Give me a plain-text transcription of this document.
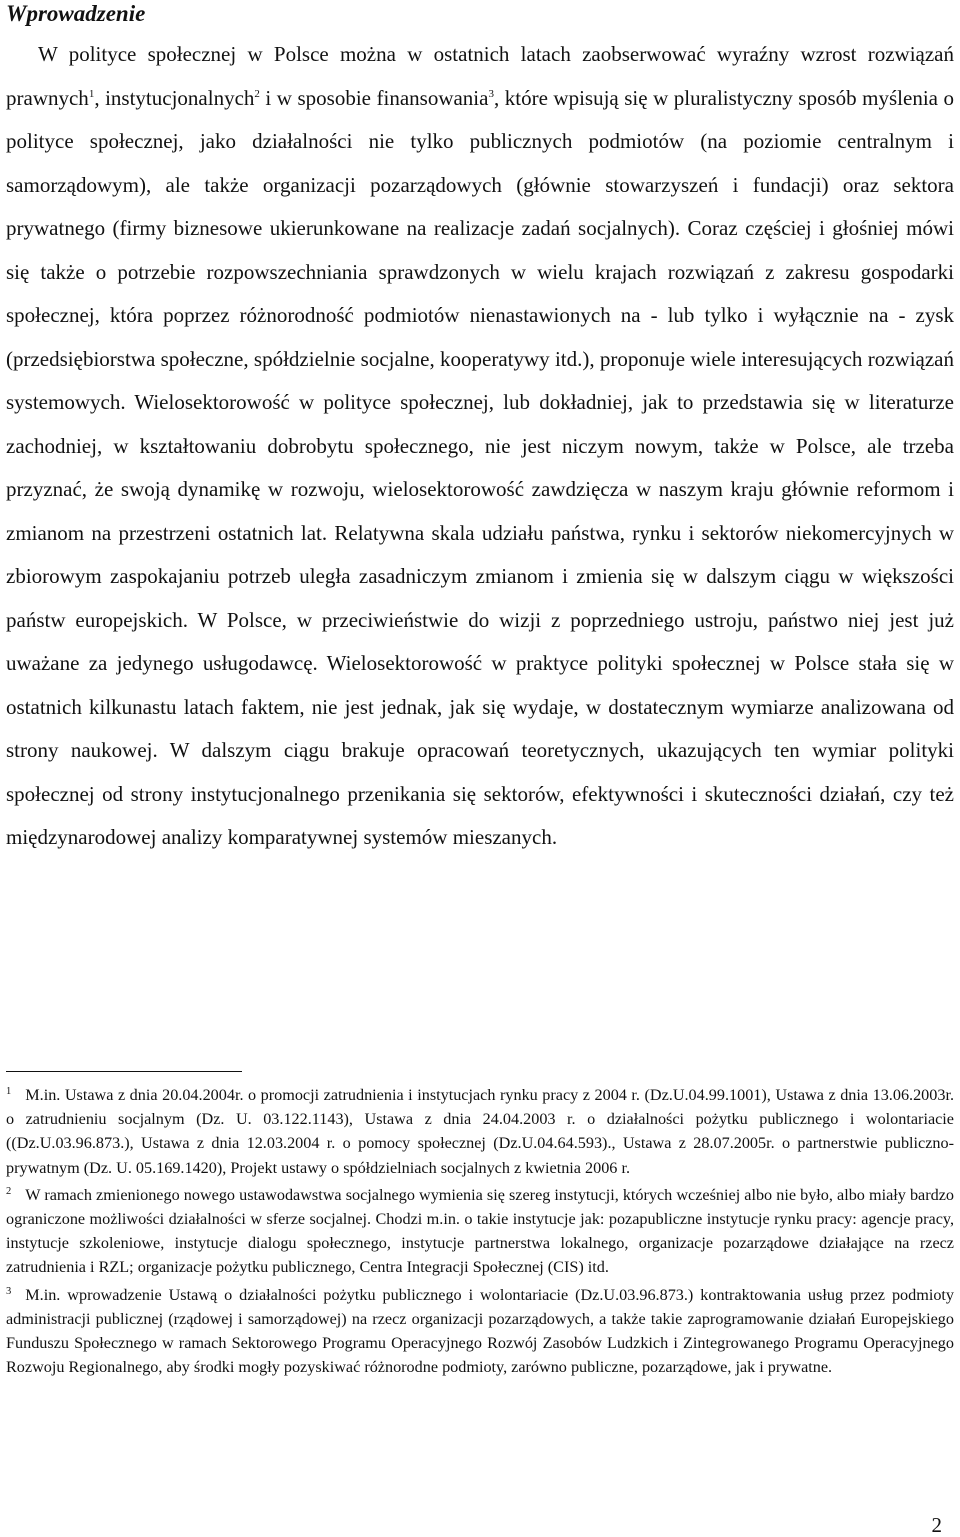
Wprowadzenie

W polityce społecznej w Polsce można w ostatnich latach zaobserwować wyraźny wzrost rozwiązań prawnych$^1$, instytucjonalnych$^2$ i w sposobie finansowania$^3$, które wpisują się w pluralistyczny sposób myślenia o polityce społecznej, jako działalności nie tylko publicznych podmiotów (na poziomie centralnym i samorządowym), ale także organizacji pozarządowych (głównie stowarzyszeń i fundacji) oraz sektora prywatnego (firmy biznesowe ukierunkowane na realizacje zadań socjalnych). Coraz częściej i głośniej mówi się także o potrzebie rozpowszechniania sprawdzonych w wielu krajach rozwiązań z zakresu gospodarki społecznej, która poprzez różnorodność podmiotów nienastawionych na - lub tylko i wyłącznie na - zysk (przedsiębiorstwa społeczne, spółdzielnie socjalne, kooperatywy itd.), proponuje wiele interesujących rozwiązań systemowych. Wielosektorowość w polityce społecznej, lub dokładniej, jak to przedstawia się w literaturze zachodniej, w kształtowaniu dobrobytu społecznego, nie jest niczym nowym, także w Polsce, ale trzeba przyznać, że swoją dynamikę w rozwoju, wielosektorowość zawdzięcza w naszym kraju głównie reformom i zmianom na przestrzeni ostatnich lat. Relatywna skala udziału państwa, rynku i sektorów niekomercyjnych w zbiorowym zaspokajaniu potrzeb uległa zasadniczym zmianom i zmienia się w dalszym ciągu w większości państw europejskich. W Polsce, w przeciwieństwie do wizji z poprzedniego ustroju, państwo niej jest już uważane za jedynego usługodawcę. Wielosektorowość w praktyce polityki społecznej w Polsce stała się w ostatnich kilkunastu latach faktem, nie jest jednak, jak się wydaje, w dostatecznym wymiarze analizowana od strony naukowej. W dalszym ciągu brakuje opracowań teoretycznych, ukazujących ten wymiar polityki społecznej od strony instytucjonalnego przenikania się sektorów, efektywności i skuteczności działań, czy też międzynarodowej analizy komparatywnej systemów mieszanych.

$^1$ M.in. Ustawa z dnia 20.04.2004r. o promocji zatrudnienia i instytucjach rynku pracy z 2004 r. (Dz.U.04.99.1001), Ustawa z dnia 13.06.2003r. o zatrudnieniu socjalnym (Dz. U. 03.122.1143), Ustawa z dnia 24.04.2003 r. o działalności pożytku publicznego i wolontariacie ((Dz.U.03.96.873.), Ustawa z dnia 12.03.2004 r. o pomocy społecznej (Dz.U.04.64.593)., Ustawa z 28.07.2005r. o partnerstwie publiczno-prywatnym (Dz. U. 05.169.1420), Projekt ustawy o spółdzielniach socjalnych z kwietnia 2006 r.

$^2$ W ramach zmienionego nowego ustawodawstwa socjalnego wymienia się szereg instytucji, których wcześniej albo nie było, albo miały bardzo ograniczone możliwości działalności w sferze socjalnej. Chodzi m.in. o takie instytucje jak: pozapubliczne instytucje rynku pracy: agencje pracy, instytucje szkoleniowe, instytucje dialogu społecznego, instytucje partnerstwa lokalnego, organizacje pozarządowe działające na rzecz zatrudnienia i RZL; organizacje pożytku publicznego, Centra Integracji Społecznej (CIS) itd.

$^3$ M.in. wprowadzenie Ustawą o działalności pożytku publicznego i wolontariacie (Dz.U.03.96.873.) kontraktowania usług przez podmioty administracji publicznej (rządowej i samorządowej) na rzecz organizacji pozarządowych, a także takie zaprogramowanie działań Europejskiego Funduszu Społecznego w ramach Sektorowego Programu Operacyjnego Rozwój Zasobów Ludzkich i Zintegrowanego Programu Operacyjnego Rozwoju Regionalnego, aby środki mogły pozyskiwać różnorodne podmioty, zarówno publiczne, pozarządowe, jak i prywatne.

2
